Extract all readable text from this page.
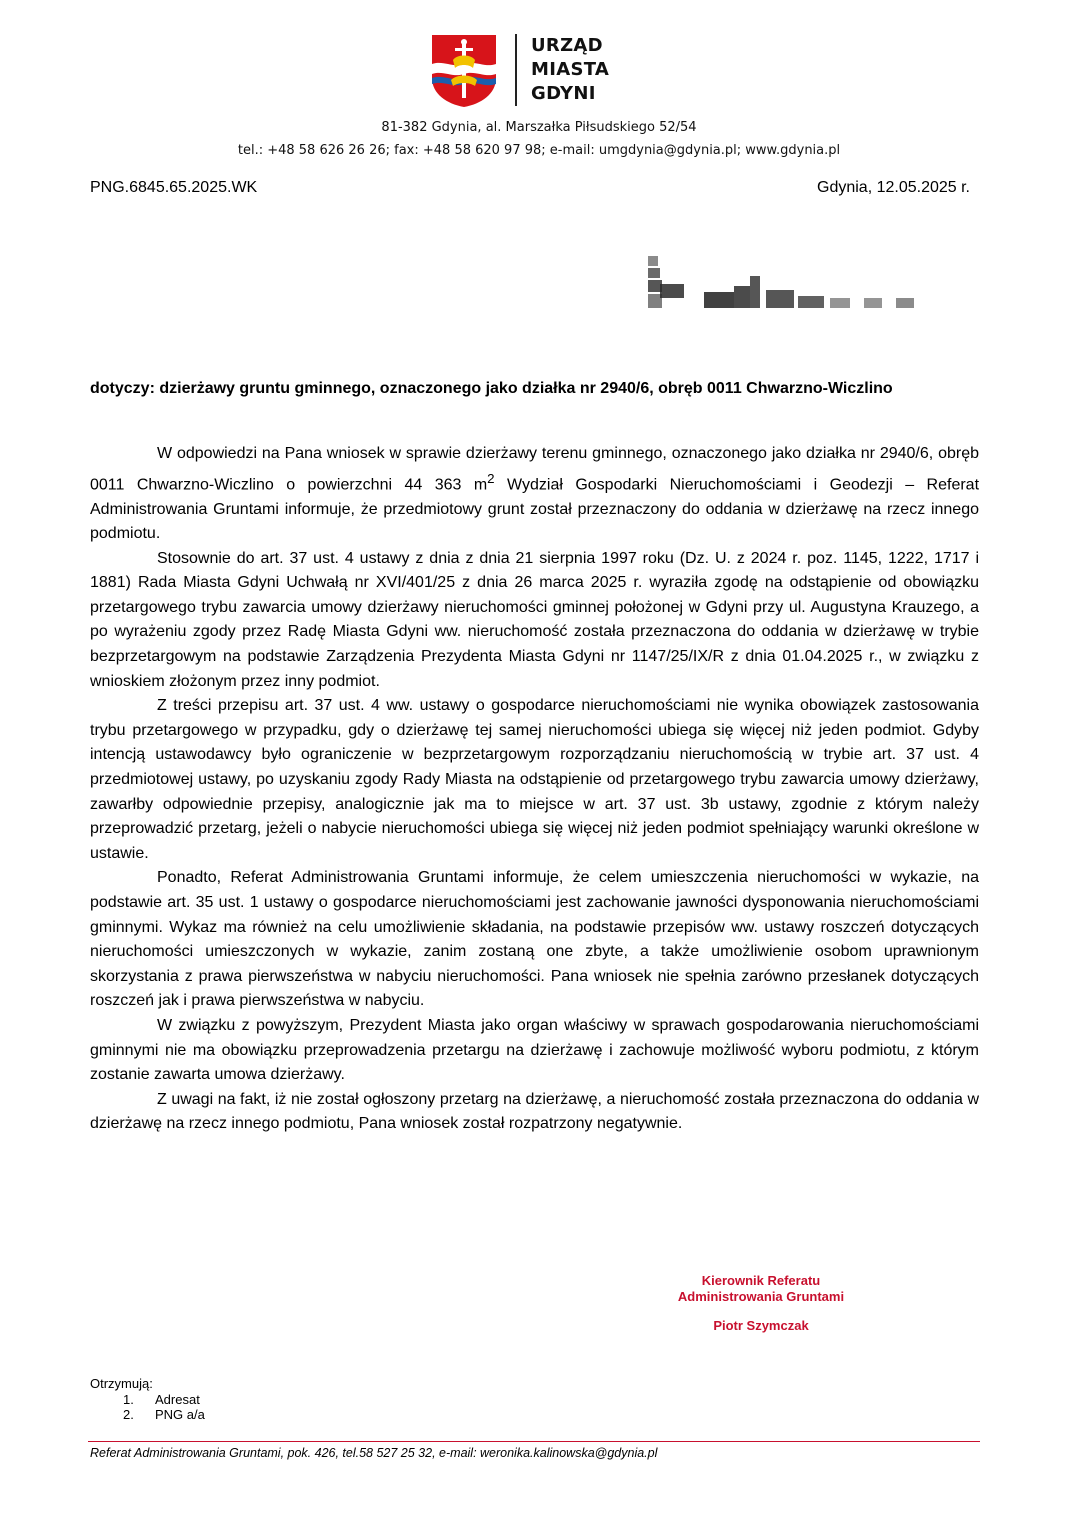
URZĄD
MIASTA
GDYNI
81-382 Gdynia, al. Marszałka Piłsudskiego 52/54
tel.: +48 58 626 26 26; fax: +48 58 620 97 98; e-mail: umgdynia@gdynia.pl; www.gdynia.pl
PNG.6845.65.2025.WK	Gdynia, 12.05.2025 r.
dotyczy: dzierżawy gruntu gminnego, oznaczonego jako działka nr 2940/6, obręb 0011 Chwarzno-Wiczlino

W odpowiedzi na Pana wniosek w sprawie dzierżawy terenu gminnego, oznaczonego jako działka nr 2940/6, obręb 0011 Chwarzno-Wiczlino o powierzchni 44 363 $m^2$ Wydział Gospodarki Nieruchomościami i Geodezji – Referat Administrowania Gruntami informuje, że przedmiotowy grunt został przeznaczony do oddania w dzierżawę na rzecz innego podmiotu.

Stosownie do art. 37 ust. 4 ustawy z dnia z dnia 21 sierpnia 1997 roku (Dz. U. z 2024 r. poz. 1145, 1222, 1717 i 1881) Rada Miasta Gdyni Uchwałą nr XVI/401/25 z dnia 26 marca 2025 r. wyraziła zgodę na odstąpienie od obowiązku przetargowego trybu zawarcia umowy dzierżawy nieruchomości gminnej położonej w Gdyni przy ul. Augustyna Krauzego, a po wyrażeniu zgody przez Radę Miasta Gdyni ww. nieruchomość została przeznaczona do oddania w dzierżawę w trybie bezprzetargowym na podstawie Zarządzenia Prezydenta Miasta Gdyni nr 1147/25/IX/R z dnia 01.04.2025 r., w związku z wnioskiem złożonym przez inny podmiot.

Z treści przepisu art. 37 ust. 4 ww. ustawy o gospodarce nieruchomościami nie wynika obowiązek zastosowania trybu przetargowego w przypadku, gdy o dzierżawę tej samej nieruchomości ubiega się więcej niż jeden podmiot. Gdyby intencją ustawodawcy było ograniczenie w bezprzetargowym rozporządzaniu nieruchomością w trybie art. 37 ust. 4 przedmiotowej ustawy, po uzyskaniu zgody Rady Miasta na odstąpienie od przetargowego trybu zawarcia umowy dzierżawy, zawarłby odpowiednie przepisy, analogicznie jak ma to miejsce w art. 37 ust. 3b ustawy, zgodnie z którym należy przeprowadzić przetarg, jeżeli o nabycie nieruchomości ubiega się więcej niż jeden podmiot spełniający warunki określone w ustawie.

Ponadto, Referat Administrowania Gruntami informuje, że celem umieszczenia nieruchomości w wykazie, na podstawie art. 35 ust. 1 ustawy o gospodarce nieruchomościami jest zachowanie jawności dysponowania nieruchomościami gminnymi. Wykaz ma również na celu umożliwienie składania, na podstawie przepisów ww. ustawy roszczeń dotyczących nieruchomości umieszczonych w wykazie, zanim zostaną one zbyte, a także umożliwienie osobom uprawnionym skorzystania z prawa pierwszeństwa w nabyciu nieruchomości. Pana wniosek nie spełnia zarówno przesłanek dotyczących roszczeń jak i prawa pierwszeństwa w nabyciu.

W związku z powyższym, Prezydent Miasta jako organ właściwy w sprawach gospodarowania nieruchomościami gminnymi nie ma obowiązku przeprowadzenia przetargu na dzierżawę i zachowuje możliwość wyboru podmiotu, z którym zostanie zawarta umowa dzierżawy.

Z uwagi na fakt, iż nie został ogłoszony przetarg na dzierżawę, a nieruchomość została przeznaczona do oddania w dzierżawę na rzecz innego podmiotu, Pana wniosek został rozpatrzony negatywnie.

Kierownik Referatu
Administrowania Gruntami
Piotr Szymczak
Otrzymują:
1. Adresat
2. PNG a/a
Referat Administrowania Gruntami, pok. 426, tel.58 527 25 32, e-mail: weronika.kalinowska@gdynia.pl
